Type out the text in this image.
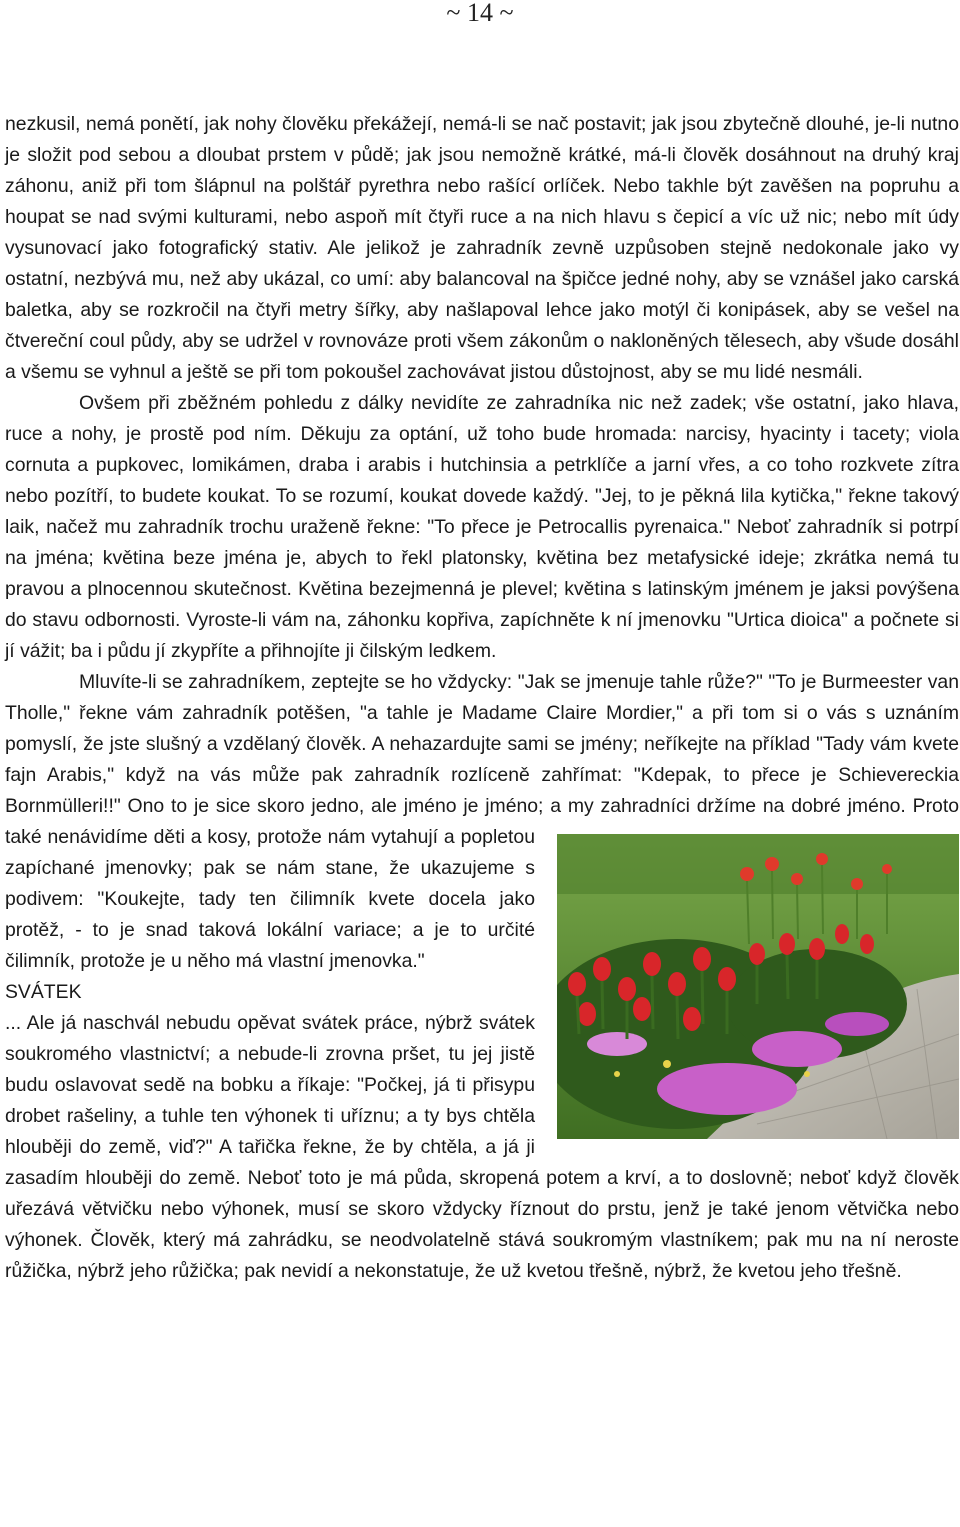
~ 14 ~

nezkusil, nemá ponětí, jak nohy člověku překážejí, nemá-li se nač postavit; jak jsou zbytečně dlouhé, je-li nutno je složit pod sebou a dloubat prstem v půdě; jak jsou nemožně krátké, má-li člověk dosáhnout na druhý kraj záhonu, aniž při tom šlápnul na polštář pyrethra nebo rašící orlíček. Nebo takhle být zavěšen na popruhu a houpat se nad svými kulturami, nebo aspoň mít čtyři ruce a na nich hlavu s čepicí a víc už nic; nebo mít údy vysunovací jako fotografický stativ. Ale jelikož je zahradník zevně uzpůsoben stejně nedokonale jako vy ostatní, nezbývá mu, než aby ukázal, co umí: aby balancoval na špičce jedné nohy, aby se vznášel jako carská baletka, aby se rozkročil na čtyři metry šířky, aby našlapoval lehce jako motýl či konipásek, aby se vešel na čtvereční coul půdy, aby se udržel v rovnováze proti všem zákonům o nakloněných tělesech, aby všude dosáhl a všemu se vyhnul a ještě se při tom pokoušel zachovávat jistou důstojnost, aby se mu lidé nesmáli.

Ovšem při zběžném pohledu z dálky nevidíte ze zahradníka nic než zadek; vše ostatní, jako hlava, ruce a nohy, je prostě pod ním. Děkuju za optání, už toho bude hromada: narcisy, hyacinty i tacety; viola cornuta a pupkovec, lomikámen, draba i arabis i hutchinsia a petrklíče a jarní vřes, a co toho rozkvete zítra nebo pozítří, to budete koukat. To se rozumí, koukat dovede každý. "Jej, to je pěkná lila kytička," řekne takový laik, načež mu zahradník trochu uraženě řekne: "To přece je Petrocallis pyrenaica." Neboť zahradník si potrpí na jména; květina beze jména je, abych to řekl platonsky, květina bez metafysické ideje; zkrátka nemá tu pravou a plnocennou skutečnost. Květina bezejmenná je plevel; květina s latinským jménem je jaksi povýšena do stavu odbornosti. Vyroste-li vám na, záhonku kopřiva, zapíchněte k ní jmenovku "Urtica dioica" a počnete si jí vážit; ba i půdu jí zkypříte a přihnojíte ji čilským ledkem.

Mluvíte-li se zahradníkem, zeptejte se ho vždycky: "Jak se jmenuje tahle růže?" "To je Burmeester van Tholle," řekne vám zahradník potěšen, "a tahle je Madame Claire Mordier," a při tom si o vás s uznáním pomyslí, že jste slušný a vzdělaný člověk. A nehazardujte sami se jmény; neříkejte na příklad "Tady vám kvete fajn Arabis," když na vás může pak zahradník rozlíceně zahřímat: "Kdepak, to přece je Schievereckia Bornmülleri!!" Ono to je sice skoro jedno, ale jméno je jméno; a my zahradníci držíme na dobré jméno.
Proto také nenávidíme děti a kosy, protože nám vytahují a popletou zapíchané jmenovky; pak se nám stane, že ukazujeme s podivem: "Koukejte, tady ten čilimník kvete docela jako protěž, - to je snad taková lokální variace; a je to určité čilimník, protože je u něho má vlastní jmenovka."

SVÁTEK

... Ale já naschvál nebudu opěvat svátek práce, nýbrž svátek soukromého vlastnictví; a nebude-li zrovna pršet, tu jej jistě budu oslavovat sedě na bobku a říkaje: "Počkej, já ti přisypu drobet rašeliny, a tuhle ten výhonek ti uříznu; a ty bys chtěla hlouběji do země, viď?" A tařička řekne, že by chtěla, a já ji zasadím hlouběji do země. Neboť toto je má půda, skropená potem a krví, a to doslovně; neboť když člověk uřezává větvičku nebo výhonek, musí se skoro vždycky říznout do prstu, jenž je také jenom větvička nebo výhonek. Člověk, který má zahrádku, se neodvolatelně stává soukromým vlastníkem; pak mu na ní neroste růžička, nýbrž jeho růžička; pak nevidí a nekonstatuje, že už kvetou třešně, nýbrž, že kvetou jeho třešně.
